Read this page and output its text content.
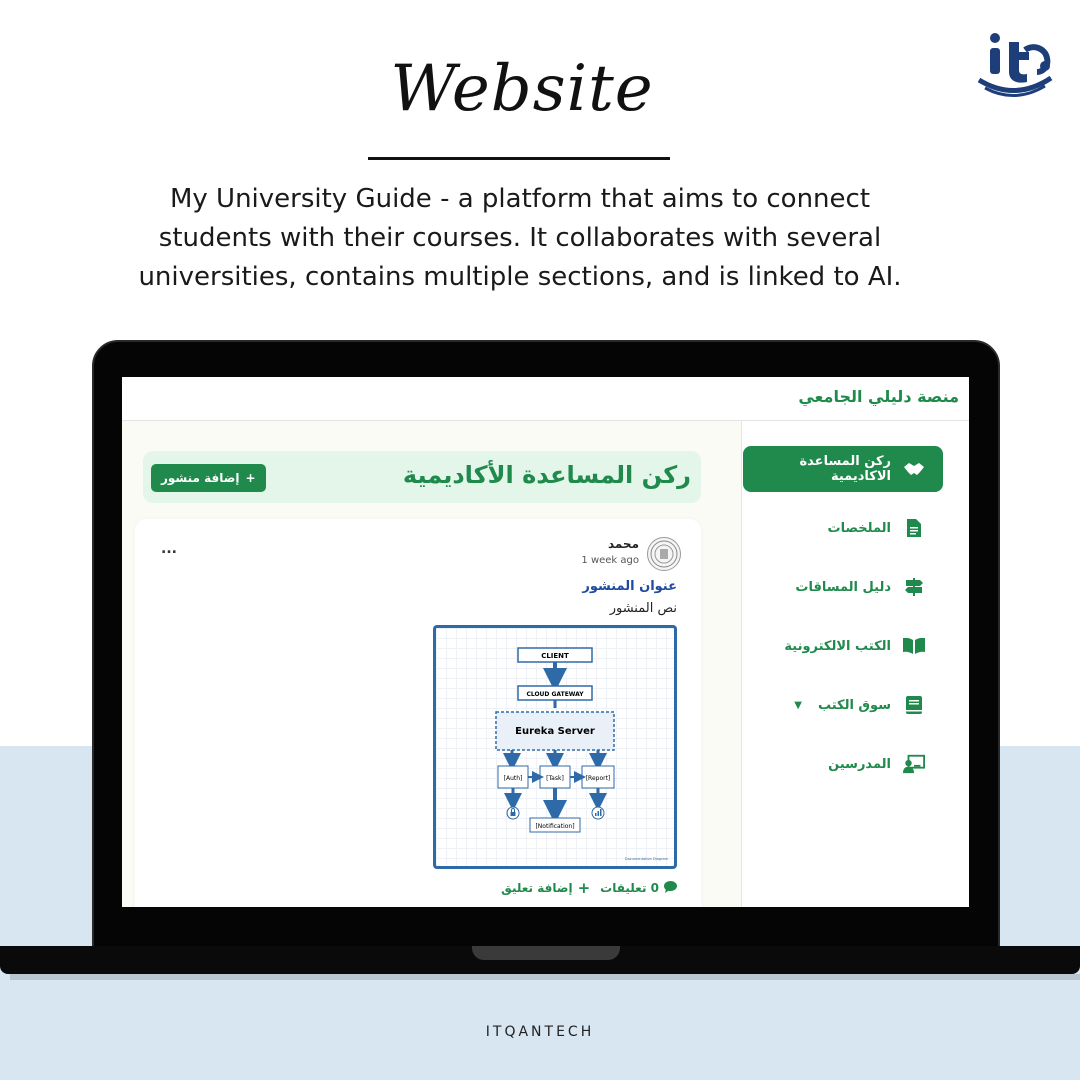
Website
My University Guide - a platform that aims to connect students with their courses. It collaborates with several universities, contains multiple sections, and is linked to AI.
منصة دليلي الجامعي
ركن المساعدة الاكاديمية
الملخصات
دليل المساقات
الكتب الالكترونية
سوق الكتب
▼
المدرسين
ركن المساعدة الأكاديمية
+
إضافة منشور
محمد
1 week ago
...
عنوان المنشور
نص المنشور
CLIENT
CLOUD GATEWAY
Eureka Server
[Auth]	[Task]	[Report]
[Notification]
Documentation Diagram
0 تعليقات
+
إضافة تعليق
ITQANTECH
